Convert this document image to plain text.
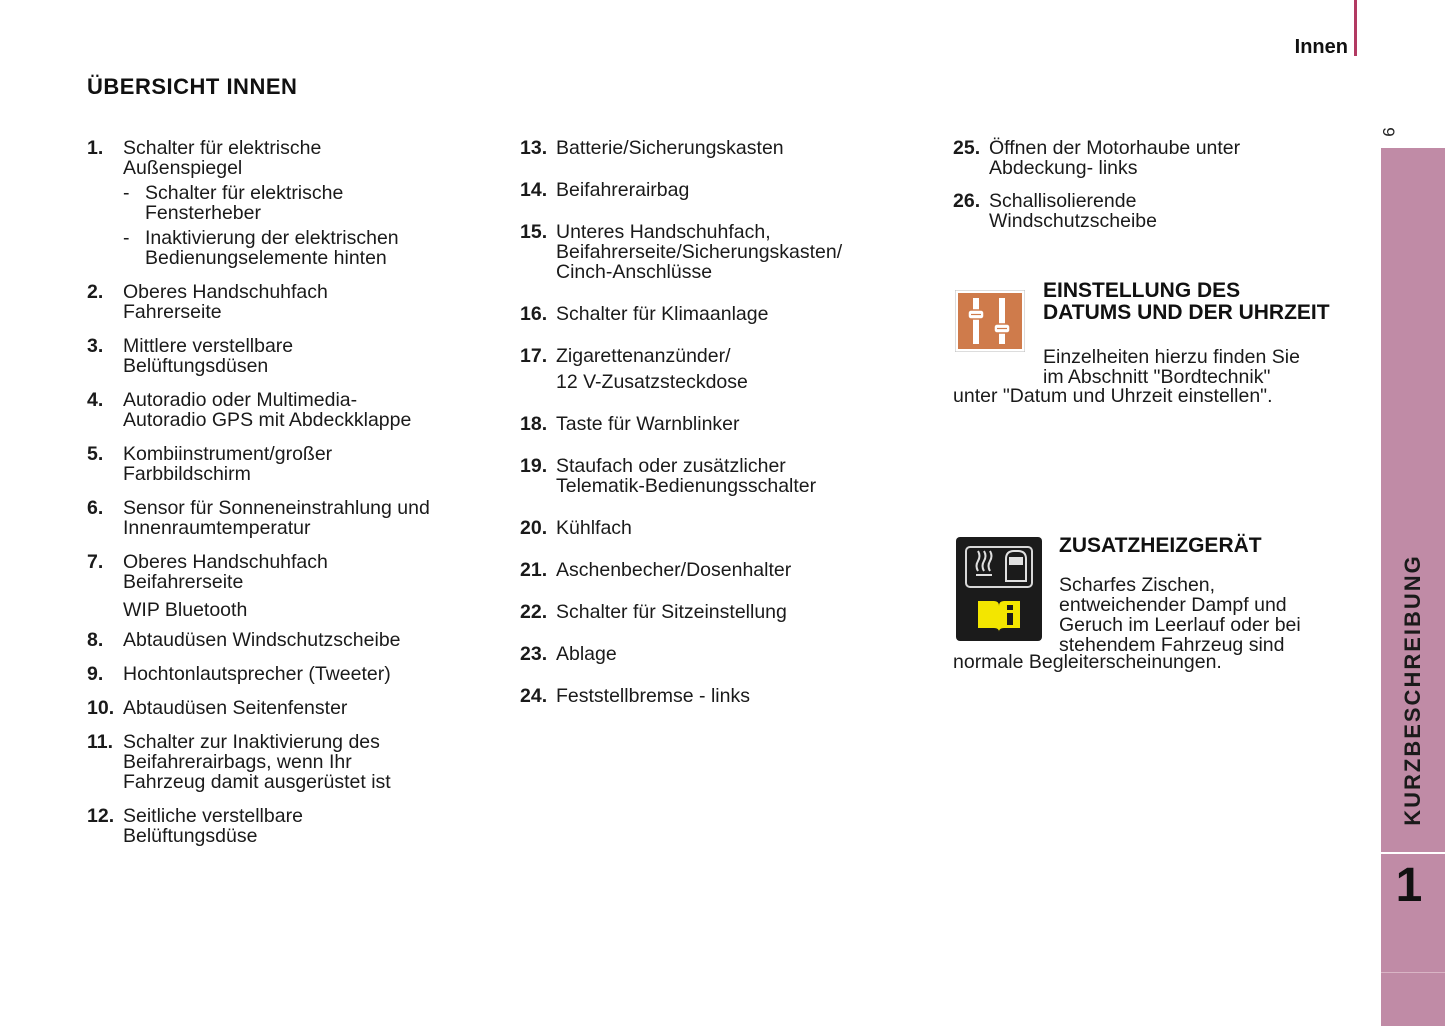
Innen
9
KURZBESCHREIBUNG
1
ÜBERSICHT INNEN
1. Schalter für elektrische
Außenspiegel
- Schalter für elektrische
Fensterheber
- Inaktivierung der elektrischen
Bedienungselemente hinten
2. Oberes Handschuhfach
Fahrerseite
3. Mittlere verstellbare
Belüftungsdüsen
4. Autoradio oder Multimedia-
Autoradio GPS mit Abdeckklappe
5. Kombiinstrument/großer
Farbbildschirm
6. Sensor für Sonneneinstrahlung und
Innenraumtemperatur
7. Oberes Handschuhfach
Beifahrerseite
WIP Bluetooth
8. Abtaudüsen Windschutzscheibe
9. Hochtonlautsprecher (Tweeter)
10. Abtaudüsen Seitenfenster
11. Schalter zur Inaktivierung des
Beifahrerairbags, wenn Ihr
Fahrzeug damit ausgerüstet ist
12. Seitliche verstellbare
Belüftungsdüse
13. Batterie/Sicherungskasten
14. Beifahrerairbag
15. Unteres Handschuhfach,
Beifahrerseite/Sicherungskasten/
Cinch-Anschlüsse
16. Schalter für Klimaanlage
17. Zigarettenanzünder/
12 V-Zusatzsteckdose
18. Taste für Warnblinker
19. Staufach oder zusätzlicher
Telematik-Bedienungsschalter
20. Kühlfach
21. Aschenbecher/Dosenhalter
22. Schalter für Sitzeinstellung
23. Ablage
24. Feststellbremse - links
25. Öffnen der Motorhaube unter
Abdeckung- links
26. Schallisolierende
Windschutzscheibe
EINSTELLUNG DES
DATUMS UND DER UHRZEIT
Einzelheiten hierzu finden Sie
im Abschnitt "Bordtechnik"
unter "Datum und Uhrzeit einstellen".
ZUSATZHEIZGERÄT
Scharfes Zischen,
entweichender Dampf und
Geruch im Leerlauf oder bei
stehendem Fahrzeug sind
normale Begleiterscheinungen.
